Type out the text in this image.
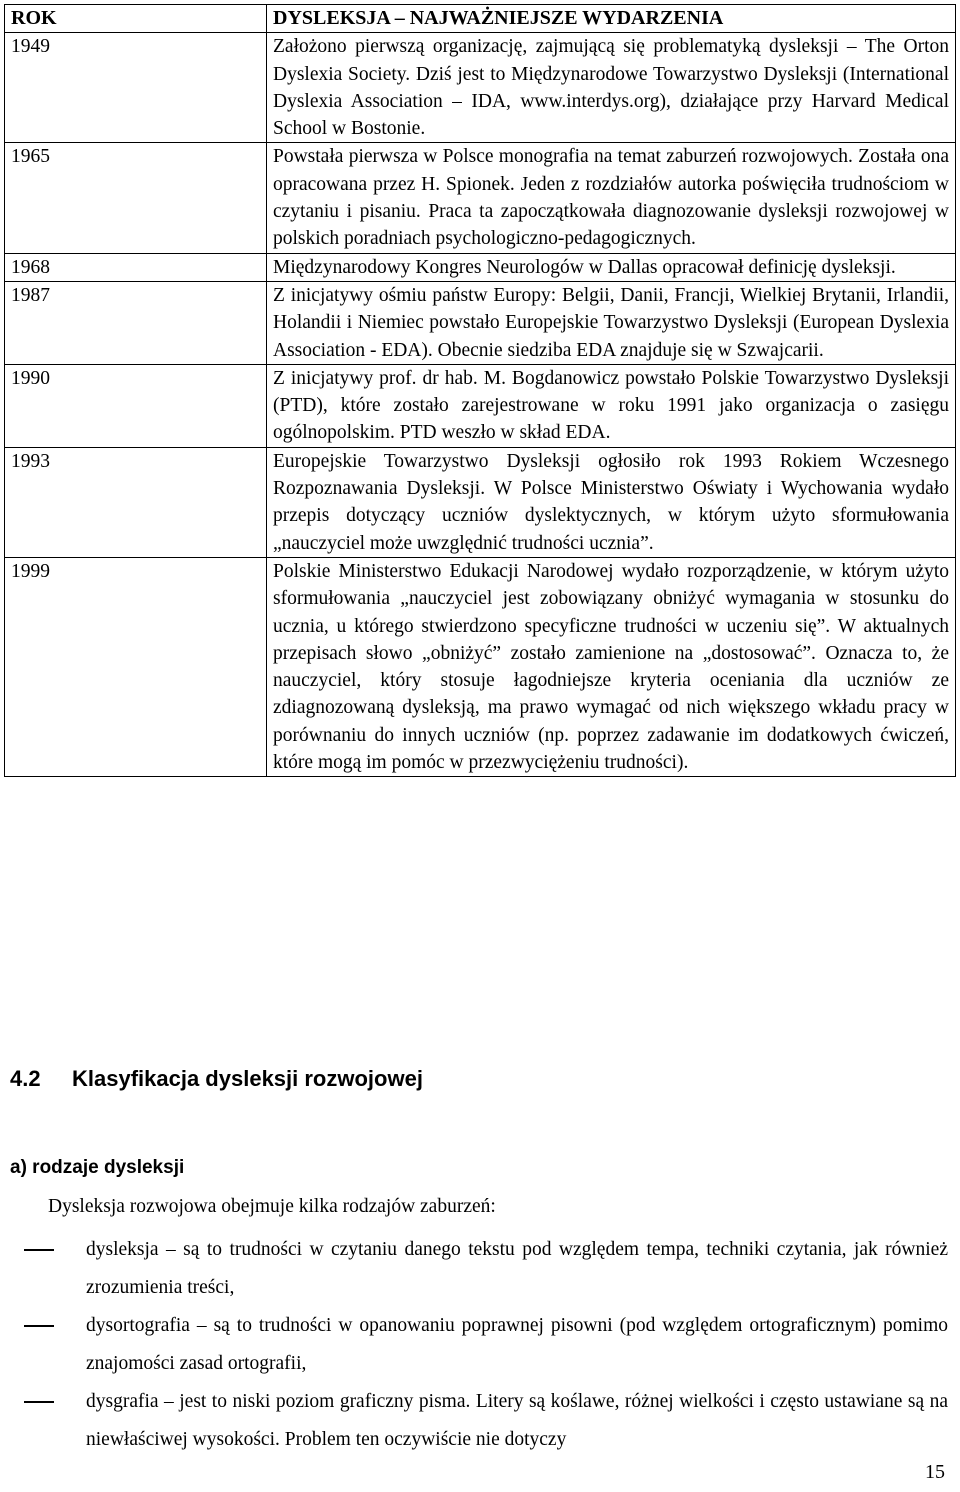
ROK	DYSLEKSJA – NAJWAŻNIEJSZE WYDARZENIA
1949	Założono pierwszą organizację, zajmującą się problematyką dysleksji – The Orton Dyslexia Society. Dziś jest to Międzynarodowe Towarzystwo Dysleksji (International Dyslexia Association – IDA, www.interdys.org), działające przy Harvard Medical School w Bostonie.
1965	Powstała pierwsza w Polsce monografia na temat zaburzeń rozwojowych. Została ona opracowana przez H. Spionek. Jeden z rozdziałów autorka poświęciła trudnościom w czytaniu i pisaniu. Praca ta zapoczątkowała diagnozowanie dysleksji rozwojowej w polskich poradniach psychologiczno-pedagogicznych.
1968	Międzynarodowy Kongres Neurologów w Dallas opracował definicję dysleksji.
1987	Z inicjatywy ośmiu państw Europy: Belgii, Danii, Francji, Wielkiej Brytanii, Irlandii, Holandii i Niemiec powstało Europejskie Towarzystwo Dysleksji (European Dyslexia Association - EDA). Obecnie siedziba EDA znajduje się w Szwajcarii.
1990	Z inicjatywy prof. dr hab. M. Bogdanowicz powstało Polskie Towarzystwo Dysleksji (PTD), które zostało zarejestrowane w roku 1991 jako organizacja o zasięgu ogólnopolskim. PTD weszło w skład EDA.
1993	Europejskie Towarzystwo Dysleksji ogłosiło rok 1993 Rokiem Wczesnego Rozpoznawania Dysleksji. W Polsce Ministerstwo Oświaty i Wychowania wydało przepis dotyczący uczniów dyslektycznych, w którym użyto sformułowania „nauczyciel może uwzględnić trudności ucznia”.
1999	Polskie Ministerstwo Edukacji Narodowej wydało rozporządzenie, w którym użyto sformułowania „nauczyciel jest zobowiązany obniżyć wymagania w stosunku do ucznia, u którego stwierdzono specyficzne trudności w uczeniu się”. W aktualnych przepisach słowo „obniżyć” zostało zamienione na „dostosować”. Oznacza to, że nauczyciel, który stosuje łagodniejsze kryteria oceniania dla uczniów ze zdiagnozowaną dysleksją, ma prawo wymagać od nich większego wkładu pracy w porównaniu do innych uczniów (np. poprzez zadawanie im dodatkowych ćwiczeń, które mogą im pomóc w przezwyciężeniu trudności).
4.2 Klasyfikacja dysleksji rozwojowej
a) rodzaje dysleksji

Dysleksja rozwojowa obejmuje kilka rodzajów zaburzeń:

dysleksja – są to trudności w czytaniu danego tekstu pod względem tempa, techniki czytania, jak również zrozumienia treści,
dysortografia – są to trudności w opanowaniu poprawnej pisowni (pod względem ortograficznym) pomimo znajomości zasad ortografii,
dysgrafia – jest to niski poziom graficzny pisma. Litery są koślawe, różnej wielkości i często ustawiane są na niewłaściwej wysokości. Problem ten oczywiście nie dotyczy

15
